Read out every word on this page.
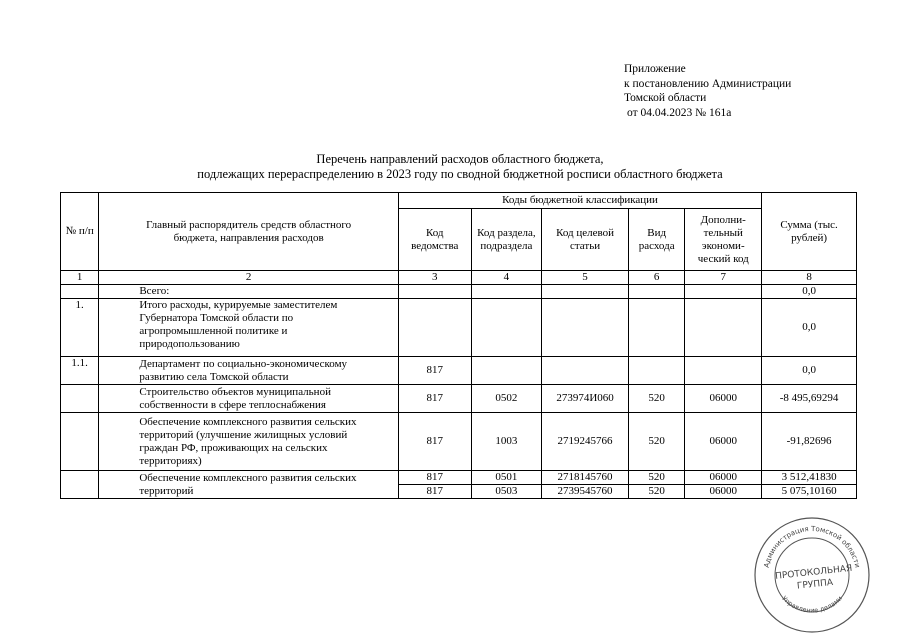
Приложение
к постановлению Администрации
Томской области
от 04.04.2023 № 161а
Перечень направлений расходов областного бюджета,
подлежащих перераспределению в 2023 году по сводной бюджетной росписи областного бюджета
№ п/п	Главный распорядитель средств областного бюджета, направления расходов	Коды бюджетной классификации					Сумма (тыс. рублей)
		Код ведомства	Код раздела, подраздела	Код целевой статьи	Вид расхода	Дополни-тельный экономи-ческий код	
1	2	3	4	5	6	7	8
	Всего:						0,0
1.	Итого расходы, курируемые заместителем Губернатора Томской области по агропромышленной политике и природопользованию						0,0
1.1.	Департамент по социально-экономическому развитию села Томской области	817					0,0
	Строительство объектов муниципальной собственности в сфере теплоснабжения	817	0502	273974И060	520	06000	-8 495,69294
	Обеспечение комплексного развития сельских территорий (улучшение жилищных условий граждан РФ, проживающих на сельских территориях)	817	1003	2719245766	520	06000	-91,82696
	Обеспечение комплексного развития сельских территорий	817	0501	2718145760	520	06000	3 512,41830
		817	0503	2739545760	520	06000	5 075,10160
Администрация Томской области
Управление делами
ПРОТОКОЛЬНАЯ
ГРУППА
